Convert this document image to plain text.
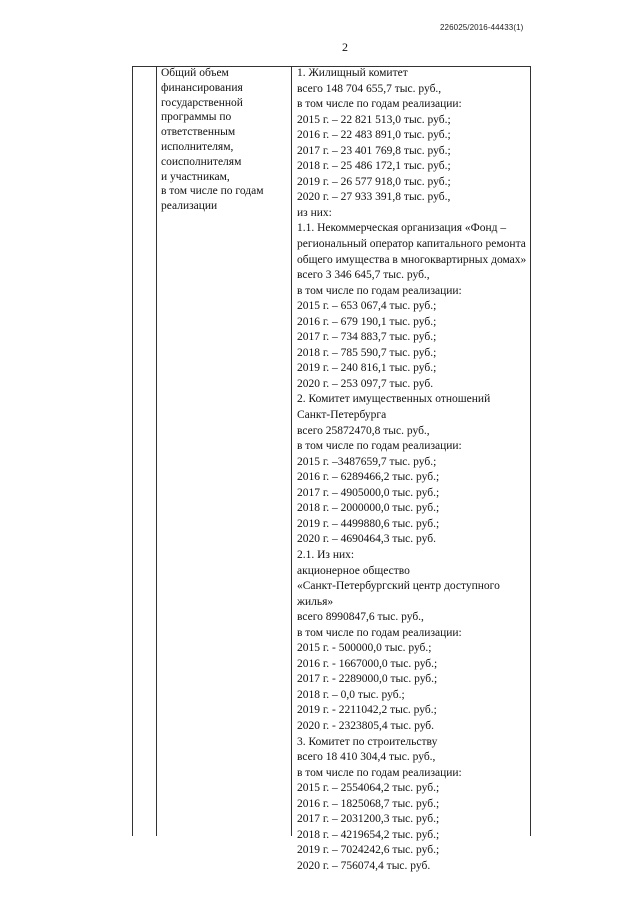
226025/2016-44433(1)
2
Общий объем
финансирования
государственной
программы по
ответственным
исполнителям,
соисполнителям
и участникам,
в том числе по годам
реализации
1. Жилищный комитет
всего 148 704 655,7 тыс. руб.,
в том числе по годам реализации:
2015 г. – 22 821 513,0 тыс. руб.;
2016 г. – 22 483 891,0 тыс. руб.;
2017 г. – 23 401 769,8 тыс. руб.;
2018 г. – 25 486 172,1 тыс. руб.;
2019 г. – 26 577 918,0 тыс. руб.;
2020 г. – 27 933 391,8 тыс. руб.,
из них:
1.1. Некоммерческая организация «Фонд –
региональный оператор капитального ремонта
общего имущества в многоквартирных домах»
всего 3 346 645,7 тыс. руб.,
в том числе по годам реализации:
2015 г. – 653 067,4 тыс. руб.;
2016 г. – 679 190,1 тыс. руб.;
2017 г. – 734 883,7 тыс. руб.;
2018 г. – 785 590,7 тыс. руб.;
2019 г. – 240 816,1 тыс. руб.;
2020 г. – 253 097,7 тыс. руб.
2. Комитет имущественных отношений
Санкт-Петербурга
всего 25872470,8 тыс. руб.,
в том числе по годам реализации:
2015 г. –3487659,7 тыс. руб.;
2016 г. – 6289466,2 тыс. руб.;
2017 г. – 4905000,0 тыс. руб.;
2018 г. – 2000000,0 тыс. руб.;
2019 г. – 4499880,6 тыс. руб.;
2020 г. – 4690464,3 тыс. руб.
2.1. Из них:
акционерное общество
«Санкт-Петербургский центр доступного
жилья»
всего 8990847,6 тыс. руб.,
в том числе по годам реализации:
2015 г. - 500000,0 тыс. руб.;
2016 г. - 1667000,0 тыс. руб.;
2017 г. - 2289000,0 тыс. руб.;
2018 г. – 0,0 тыс. руб.;
2019 г. - 2211042,2 тыс. руб.;
2020 г. - 2323805,4 тыс. руб.
3. Комитет по строительству
всего 18 410 304,4 тыс. руб.,
в том числе по годам реализации:
2015 г. – 2554064,2 тыс. руб.;
2016 г. – 1825068,7 тыс. руб.;
2017 г. – 2031200,3 тыс. руб.;
2018 г. – 4219654,2 тыс. руб.;
2019 г. – 7024242,6 тыс. руб.;
2020 г. – 756074,4 тыс. руб.
